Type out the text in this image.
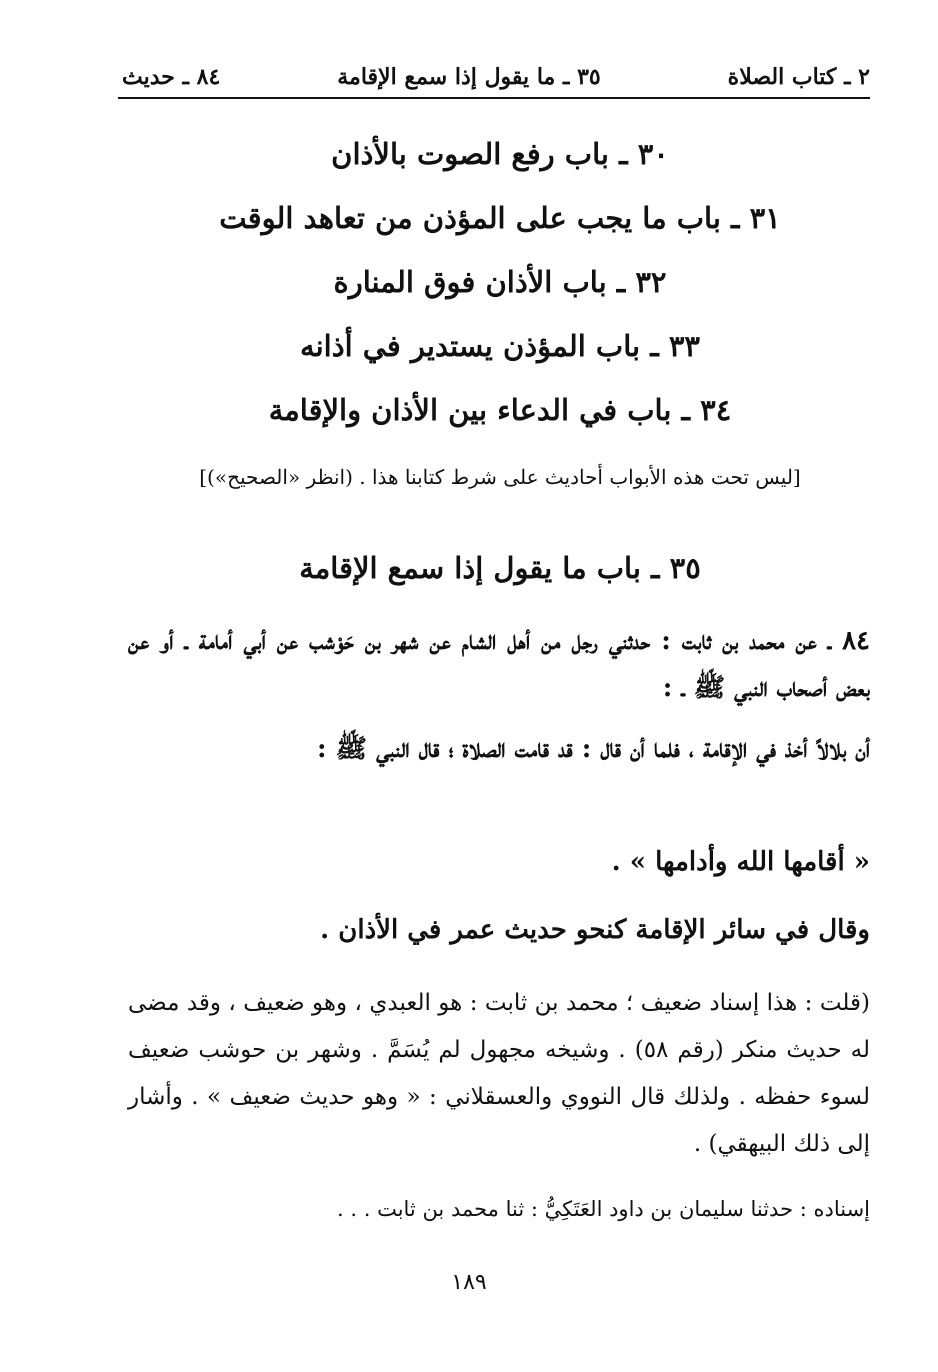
٢ ـ كتاب الصلاة
٣٥ ـ ما يقول إذا سمع الإقامة
٨٤ ـ حديث
٣٠ ـ باب رفع الصوت بالأذان
٣١ ـ باب ما يجب على المؤذن من تعاهد الوقت
٣٢ ـ باب الأذان فوق المنارة
٣٣ ـ باب المؤذن يستدير في أذانه
٣٤ ـ باب في الدعاء بين الأذان والإقامة
[ليس تحت هذه الأبواب أحاديث على شرط كتابنا هذا . (انظر «الصحيح»)]
٣٥ ـ باب ما يقول إذا سمع الإقامة
٨٤ ـ عن محمد بن ثابت : حدثني رجل من أهل الشام عن شهر بن حَوْشب عن أبي أمامة ـ أو عن بعض أصحاب النبي ﷺ ـ :
أن بلالاً أخذ في الإقامة ، فلما أن قال : قد قامت الصلاة ؛ قال النبي ﷺ :
« أقامها الله وأدامها » .
وقال في سائر الإقامة كنحو حديث عمر في الأذان .
(قلت : هذا إسناد ضعيف ؛ محمد بن ثابت : هو العبدي ، وهو ضعيف ، وقد مضى له حديث منكر (رقم ٥٨) . وشيخه مجهول لم يُسَمَّ . وشهر بن حوشب ضعيف لسوء حفظه . ولذلك قال النووي والعسقلاني : « وهو حديث ضعيف » . وأشار إلى ذلك البيهقي) .
إسناده : حدثنا سليمان بن داود العَتَكِيُّ : ثنا محمد بن ثابت . . .
١٨٩
